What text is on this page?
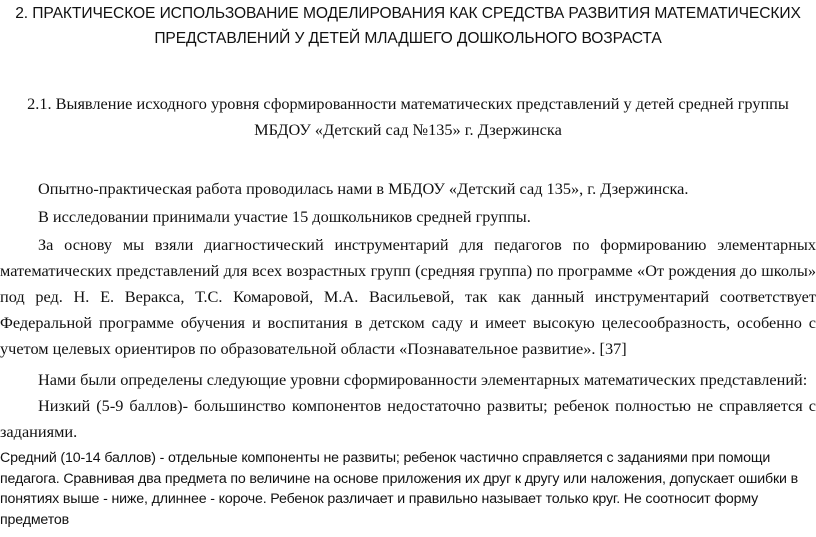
2. ПРАКТИЧЕСКОЕ ИСПОЛЬЗОВАНИЕ МОДЕЛИРОВАНИЯ КАК СРЕДСТВА РАЗВИТИЯ МАТЕМАТИЧЕСКИХ ПРЕДСТАВЛЕНИЙ У ДЕТЕЙ МЛАДШЕГО ДОШКОЛЬНОГО ВОЗРАСТА
2.1. Выявление исходного уровня сформированности математических представлений у детей средней группы МБДОУ «Детский сад №135» г. Дзержинска

Опытно-практическая работа проводилась нами в МБДОУ «Детский сад 135», г. Дзержинска.

В исследовании принимали участие 15 дошкольников средней группы.

За основу мы взяли диагностический инструментарий для педагогов по формированию элементарных математических представлений для всех возрастных групп (средняя группа) по программе «От рождения до школы» под ред. Н. Е. Веракса, Т.С. Комаровой, М.А. Васильевой, так как данный инструментарий соответствует Федеральной программе обучения и воспитания в детском саду и имеет высокую целесообразность, особенно с учетом целевых ориентиров по образовательной области «Познавательное развитие». [37]

Нами были определены следующие уровни сформированности элементарных математических представлений:

Низкий (5-9 баллов)- большинство компонентов недостаточно развиты; ребенок полностью не справляется с заданиями.

Средний (10-14 баллов) - отдельные компоненты не развиты; ребенок частично справляется с заданиями при помощи педагога. Сравнивая два предмета по величине на основе приложения их друг к другу или наложения, допускает ошибки в понятиях выше - ниже, длиннее - короче. Ребенок различает и правильно называет только круг. Не соотносит форму предметов
